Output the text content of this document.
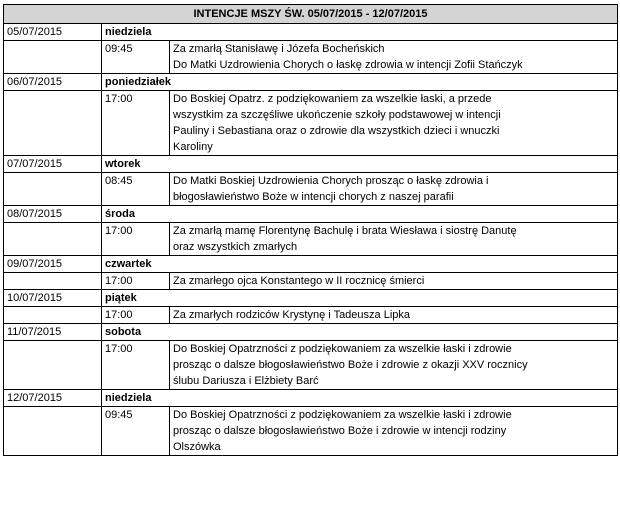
INTENCJE MSZY ŚW. 05/07/2015 - 12/07/2015		
05/07/2015	niedziela	
	09:45	Za zmarłą Stanisławę i Józefa Bocheńskich
Do Matki Uzdrowienia Chorych o łaskę zdrowia w intencji Zofii Stańczyk

06/07/2015	poniedziałek	
	17:00	Do Boskiej Opatrz. z podziękowaniem za wszelkie łaski, a przede
wszystkim za szczęśliwe ukończenie szkoły podstawowej w intencji
Pauliny i Sebastiana oraz o zdrowie dla wszystkich dzieci i wnuczki
Karoliny

07/07/2015	wtorek	
	08:45	Do Matki Boskiej Uzdrowienia Chorych prosząc o łaskę zdrowia i
błogosławieństwo Boże w intencji chorych z naszej parafii

08/07/2015	środa	
	17:00	Za zmarłą mamę Florentynę Bachulę i brata Wiesława i siostrę Danutę
oraz wszystkich zmarłych

09/07/2015	czwartek	
	17:00	Za zmarłego ojca Konstantego w II rocznicę śmierci

10/07/2015	piątek	
	17:00	Za zmarłych rodziców Krystynę i Tadeusza Lipka

11/07/2015	sobota	
	17:00	Do Boskiej Opatrzności z podziękowaniem za wszelkie łaski i zdrowie
prosząc o dalsze błogosławieństwo Boże i zdrowie z okazji XXV rocznicy
ślubu Dariusza i Elżbiety Barć

12/07/2015	niedziela	
	09:45	Do Boskiej Opatrzności z podziękowaniem za wszelkie łaski i zdrowie
prosząc o dalsze błogosławieństwo Boże i zdrowie w intencji rodziny
Olszówka
